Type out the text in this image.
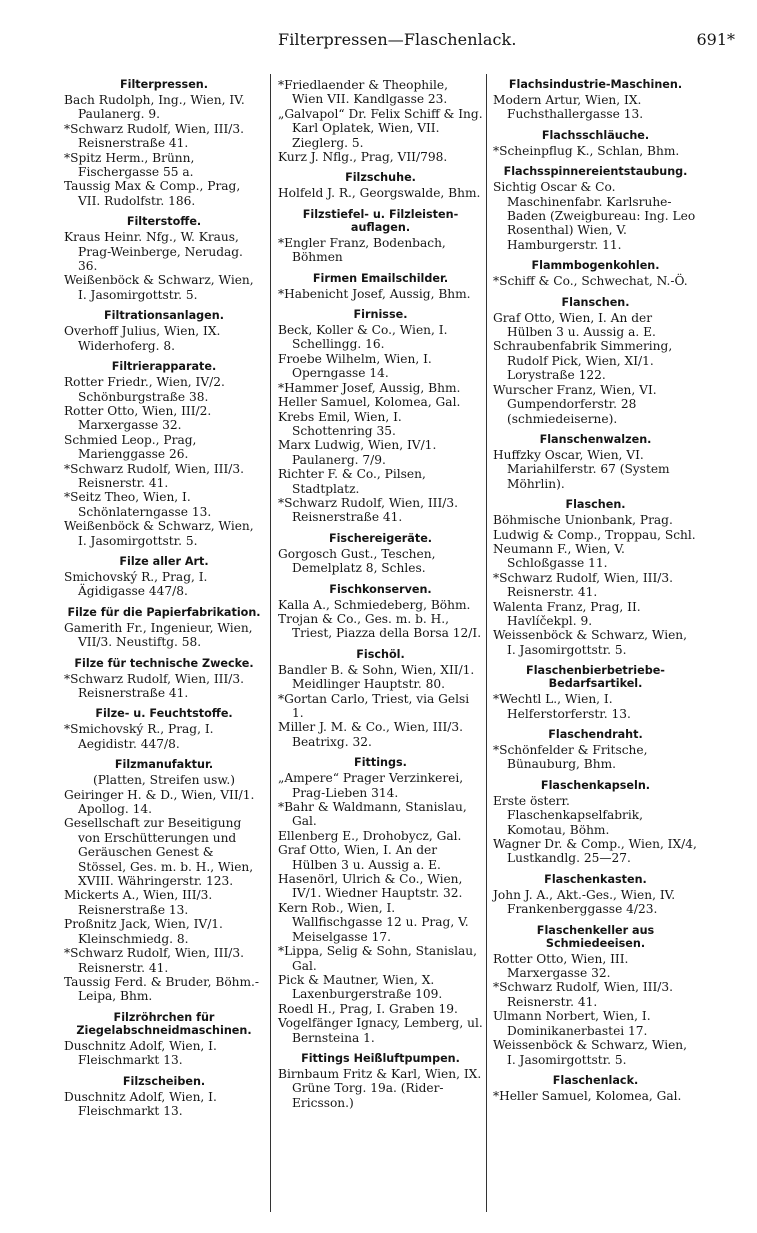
Filterpressen—Flaschenlack.	691*
Filterpressen.
Bach Rudolph, Ing., Wien, IV. Paulanerg. 9.
*Schwarz Rudolf, Wien, III/3. Reisnerstraße 41.
*Spitz Herm., Brünn, Fischergasse 55 a.
Taussig Max & Comp., Prag, VII. Rudolfstr. 186.
Filterstoffe.
Kraus Heinr. Nfg., W. Kraus, Prag-Weinberge, Nerudag. 36.
Weißenböck & Schwarz, Wien, I. Jasomirgottstr. 5.
Filtrationsanlagen.
Overhoff Julius, Wien, IX. Widerhoferg. 8.
Filtrierapparate.
Rotter Friedr., Wien, IV/2. Schönburgstraße 38.
Rotter Otto, Wien, III/2. Marxergasse 32.
Schmied Leop., Prag, Marienggasse 26.
*Schwarz Rudolf, Wien, III/3. Reisnerstr. 41.
*Seitz Theo, Wien, I. Schönlaterngasse 13.
Weißenböck & Schwarz, Wien, I. Jasomirgottstr. 5.
Filze aller Art.
Smichovský R., Prag, I. Ägidigasse 447/8.
Filze für die Papierfabrikation.
Gamerith Fr., Ingenieur, Wien, VII/3. Neustiftg. 58.
Filze für technische Zwecke.
*Schwarz Rudolf, Wien, III/3. Reisnerstraße 41.
Filze- u. Feuchtstoffe.
*Smichovský R., Prag, I. Aegidistr. 447/8.
Filzmanufaktur.
(Platten, Streifen usw.)
Geiringer H. & D., Wien, VII/1. Apollog. 14.
Gesellschaft zur Beseitigung von Erschütterungen und Geräuschen Genest & Stössel, Ges. m. b. H., Wien, XVIII. Währingerstr. 123.
Mickerts A., Wien, III/3. Reisnerstraße 13.
Proßnitz Jack, Wien, IV/1. Kleinschmiedg. 8.
*Schwarz Rudolf, Wien, III/3. Reisnerstr. 41.
Taussig Ferd. & Bruder, Böhm.-Leipa, Bhm.
Filzröhrchen für Ziegelabschneidmaschinen.
Duschnitz Adolf, Wien, I. Fleischmarkt 13.
Filzscheiben.
Duschnitz Adolf, Wien, I. Fleischmarkt 13.
*Friedlaender & Theophile, Wien VII. Kandlgasse 23.
„Galvapol“ Dr. Felix Schiff & Ing. Karl Oplatek, Wien, VII. Zieglerg. 5.
Kurz J. Nflg., Prag, VII/798.
Filzschuhe.
Holfeld J. R., Georgswalde, Bhm.
Filzstiefel- u. Filzleisten-auflagen.
*Engler Franz, Bodenbach, Böhmen
Firmen Emailschilder.
*Habenicht Josef, Aussig, Bhm.
Firnisse.
Beck, Koller & Co., Wien, I. Schellingg. 16.
Froebe Wilhelm, Wien, I. Operngasse 14.
*Hammer Josef, Aussig, Bhm.
Heller Samuel, Kolomea, Gal.
Krebs Emil, Wien, I. Schottenring 35.
Marx Ludwig, Wien, IV/1. Paulanerg. 7/9.
Richter F. & Co., Pilsen, Stadtplatz.
*Schwarz Rudolf, Wien, III/3. Reisnerstraße 41.
Fischereigeräte.
Gorgosch Gust., Teschen, Demelplatz 8, Schles.
Fischkonserven.
Kalla A., Schmiedeberg, Böhm.
Trojan & Co., Ges. m. b. H., Triest, Piazza della Borsa 12/I.
Fischöl.
Bandler B. & Sohn, Wien, XII/1. Meidlinger Hauptstr. 80.
*Gortan Carlo, Triest, via Gelsi 1.
Miller J. M. & Co., Wien, III/3. Beatrixg. 32.
Fittings.
„Ampere“ Prager Verzinkerei, Prag-Lieben 314.
*Bahr & Waldmann, Stanislau, Gal.
Ellenberg E., Drohobycz, Gal.
Graf Otto, Wien, I. An der Hülben 3 u. Aussig a. E.
Hasenörl, Ulrich & Co., Wien, IV/1. Wiedner Hauptstr. 32.
Kern Rob., Wien, I. Wallfischgasse 12 u. Prag, V. Meiselgasse 17.
*Lippa, Selig & Sohn, Stanislau, Gal.
Pick & Mautner, Wien, X. Laxenburgerstraße 109.
Roedl H., Prag, I. Graben 19.
Vogelfänger Ignacy, Lemberg, ul. Bernsteina 1.
Fittings Heißluftpumpen.
Birnbaum Fritz & Karl, Wien, IX. Grüne Torg. 19a. (Rider-Ericsson.)
Flachsindustrie-Maschinen.
Modern Artur, Wien, IX. Fuchsthallergasse 13.
Flachsschläuche.
*Scheinpflug K., Schlan, Bhm.
Flachsspinnereientstaubung.
Sichtig Oscar & Co. Maschinenfabr. Karlsruhe-Baden (Zweigbureau: Ing. Leo Rosenthal) Wien, V. Hamburgerstr. 11.
Flammbogenkohlen.
*Schiff & Co., Schwechat, N.-Ö.
Flanschen.
Graf Otto, Wien, I. An der Hülben 3 u. Aussig a. E.
Schraubenfabrik Simmering, Rudolf Pick, Wien, XI/1. Lorystraße 122.
Wurscher Franz, Wien, VI. Gumpendorferstr. 28 (schmiedeiserne).
Flanschenwalzen.
Huffzky Oscar, Wien, VI. Mariahilferstr. 67 (System Möhrlin).
Flaschen.
Böhmische Unionbank, Prag.
Ludwig & Comp., Troppau, Schl.
Neumann F., Wien, V. Schloßgasse 11.
*Schwarz Rudolf, Wien, III/3. Reisnerstr. 41.
Walenta Franz, Prag, II. Havlíčekpl. 9.
Weissenböck & Schwarz, Wien, I. Jasomirgottstr. 5.
Flaschenbierbetriebe-Bedarfsartikel.
*Wechtl L., Wien, I. Helferstorferstr. 13.
Flaschendraht.
*Schönfelder & Fritsche, Bünauburg, Bhm.
Flaschenkapseln.
Erste österr. Flaschenkapselfabrik, Komotau, Böhm.
Wagner Dr. & Comp., Wien, IX/4, Lustkandlg. 25—27.
Flaschenkasten.
John J. A., Akt.-Ges., Wien, IV. Frankenberggasse 4/23.
Flaschenkeller aus Schmiedeeisen.
Rotter Otto, Wien, III. Marxergasse 32.
*Schwarz Rudolf, Wien, III/3. Reisnerstr. 41.
Ulmann Norbert, Wien, I. Dominikanerbastei 17.
Weissenböck & Schwarz, Wien, I. Jasomirgottstr. 5.
Flaschenlack.
*Heller Samuel, Kolomea, Gal.
